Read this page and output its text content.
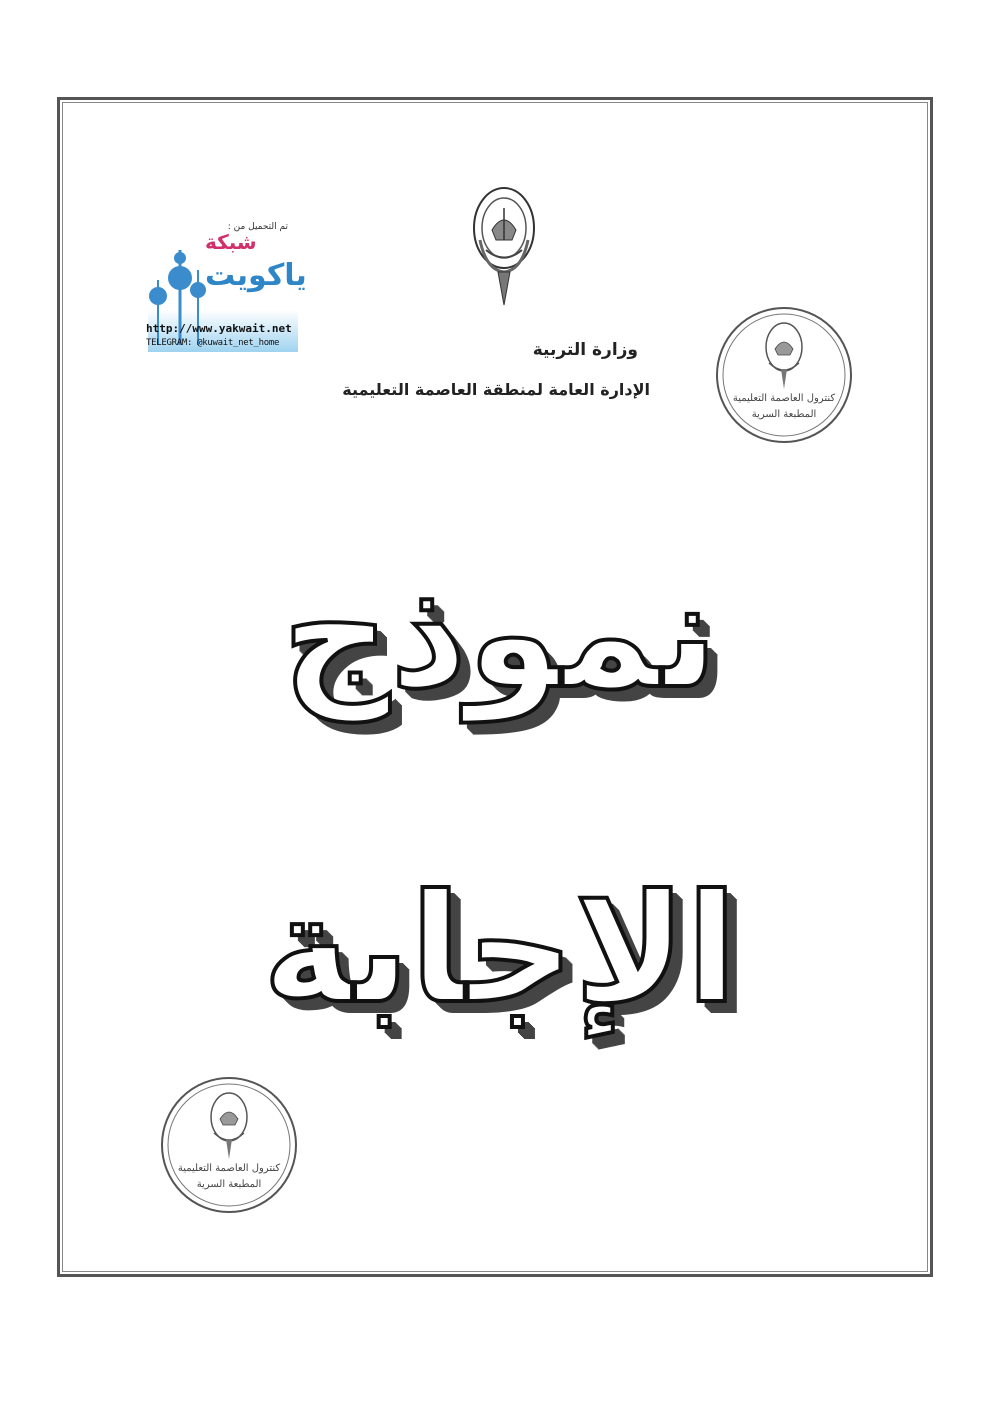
وزارة التربية
الإدارة العامة لمنطقة العاصمة التعليمية
تم التحميل من :
شبكة
ياكويت
http://www.yakwait.net
TELEGRAM: @kuwait_net_home
كنترول العاصمة التعليمية
المطبعة السرية
نموذج
الإجابة
كنترول العاصمة التعليمية
المطبعة السرية
